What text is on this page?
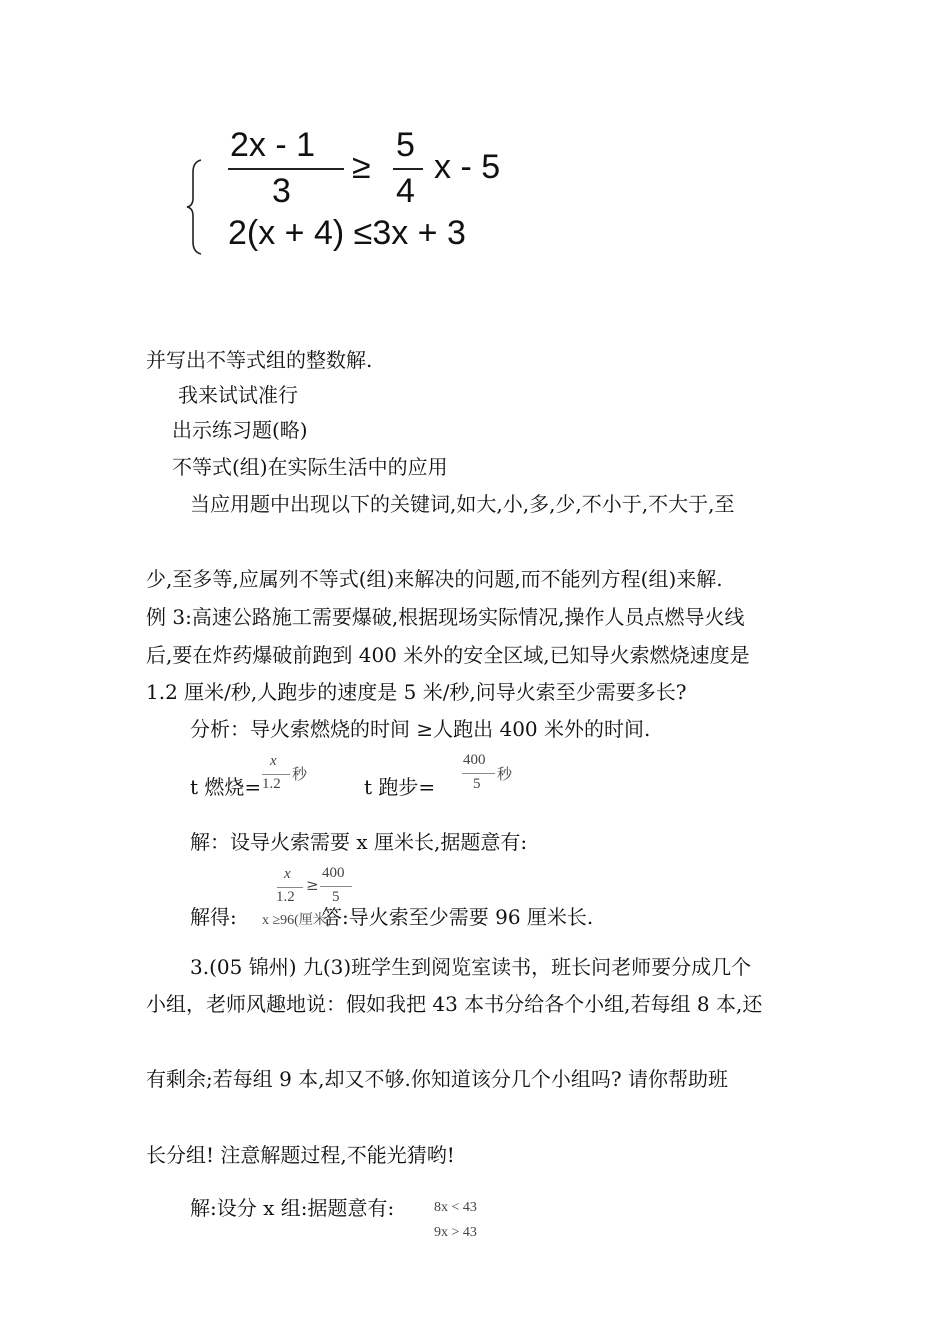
2x - 1
3
≥
5
4
x - 5
2(x + 4) ≤3x + 3
并写出不等式组的整数解.
我来试试准行
出示练习题(略)
不等式(组)在实际生活中的应用
当应用题中出现以下的关键词,如大,小,多,少,不小于,不大于,至
少,至多等,应属列不等式(组)来解决的问题,而不能列方程(组)来解.
例 3:高速公路施工需要爆破,根据现场实际情况,操作人员点燃导火线
后,要在炸药爆破前跑到 400 米外的安全区域,已知导火索燃烧速度是
1.2 厘米/秒,人跑步的速度是 5 米/秒,问导火索至少需要多长?
分析：导火索燃烧的时间 ≥人跑出 400 米外的时间.
t 燃烧=
x
1.2
秒
t 跑步=
400
5
秒
解：设导火索需要 x 厘米长,据题意有:
x
1.2
≥
400
5
解得: x ≥96(厘米)
答:导火索至少需要 96 厘米长.
3.(05 锦州) 九(3)班学生到阅览室读书，班长问老师要分成几个
小组，老师风趣地说：假如我把 43 本书分给各个小组,若每组 8 本,还
有剩余;若每组 9 本,却又不够.你知道该分几个小组吗? 请你帮助班
长分组! 注意解题过程,不能光猜哟!
解:设分 x 组:据题意有:	8x < 43
9x > 43
